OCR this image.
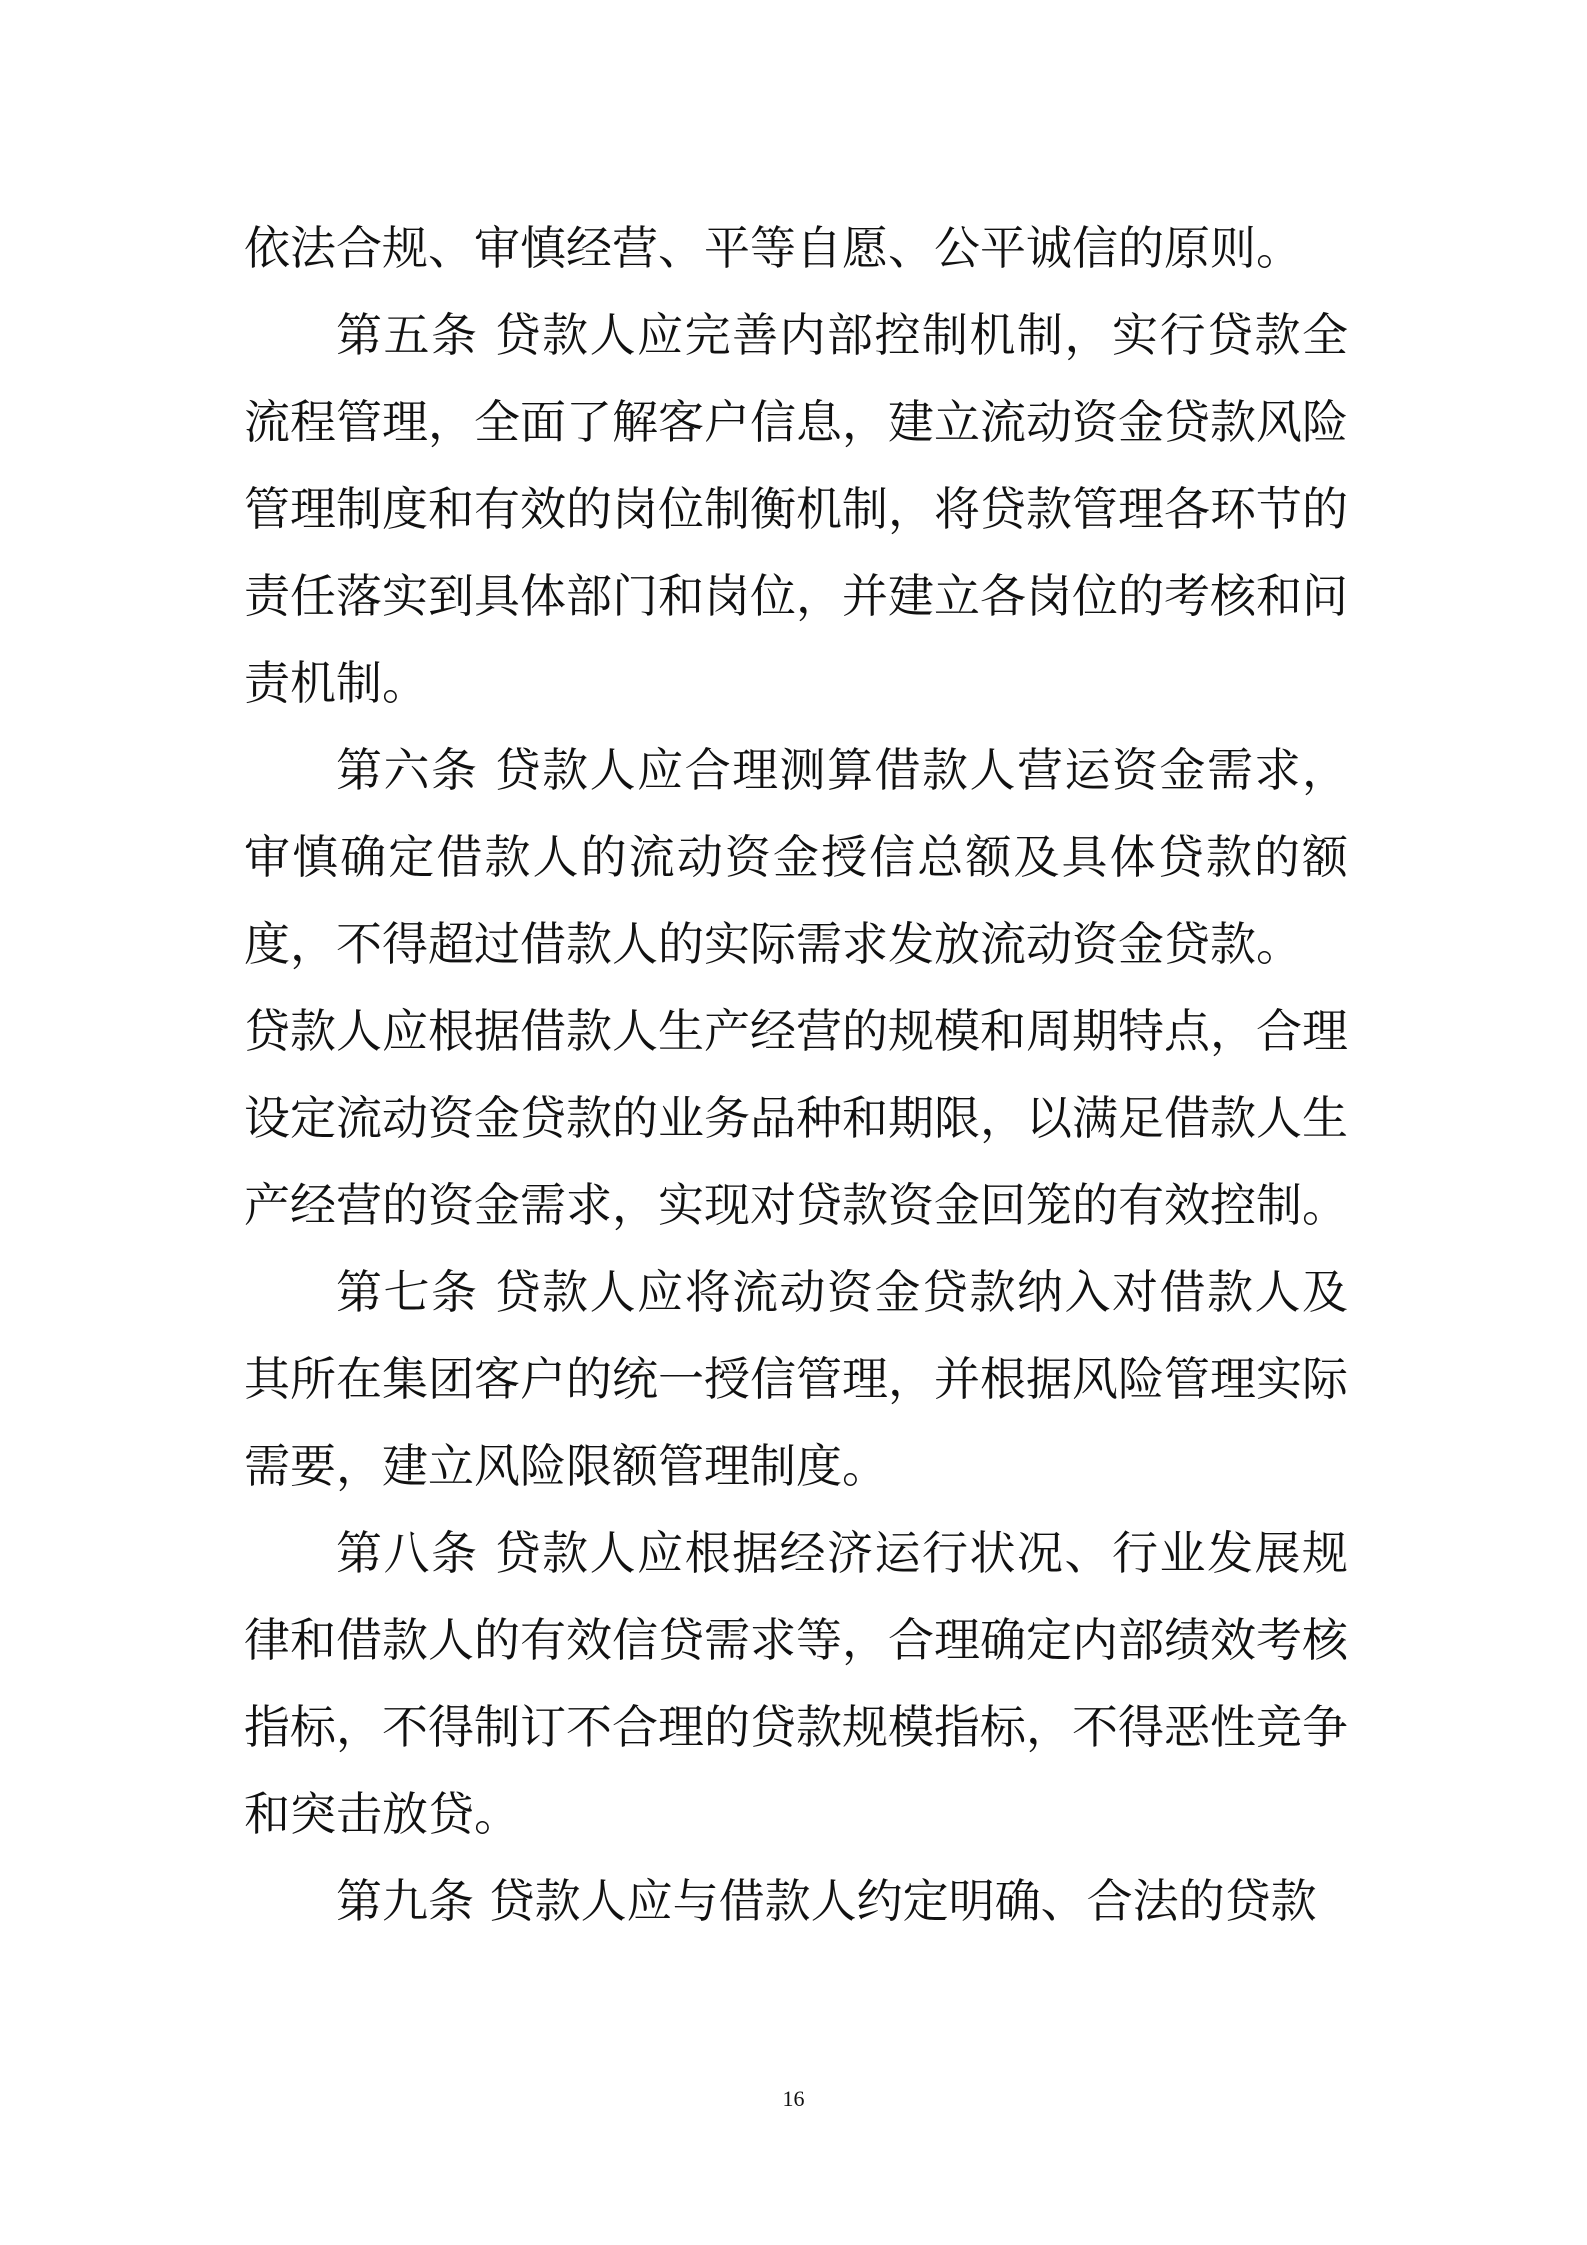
依法合规、审慎经营、平等自愿、公平诚信的原则。

第五条 贷款人应完善内部控制机制，实行贷款全流程管理，全面了解客户信息，建立流动资金贷款风险管理制度和有效的岗位制衡机制，将贷款管理各环节的责任落实到具体部门和岗位，并建立各岗位的考核和问责机制。

第六条 贷款人应合理测算借款人营运资金需求，审慎确定借款人的流动资金授信总额及具体贷款的额度，不得超过借款人的实际需求发放流动资金贷款。

贷款人应根据借款人生产经营的规模和周期特点，合理设定流动资金贷款的业务品种和期限，以满足借款人生产经营的资金需求，实现对贷款资金回笼的有效控制。

第七条 贷款人应将流动资金贷款纳入对借款人及其所在集团客户的统一授信管理，并根据风险管理实际需要，建立风险限额管理制度。

第八条 贷款人应根据经济运行状况、行业发展规律和借款人的有效信贷需求等，合理确定内部绩效考核指标，不得制订不合理的贷款规模指标，不得恶性竞争和突击放贷。

第九条 贷款人应与借款人约定明确、合法的贷款

16
